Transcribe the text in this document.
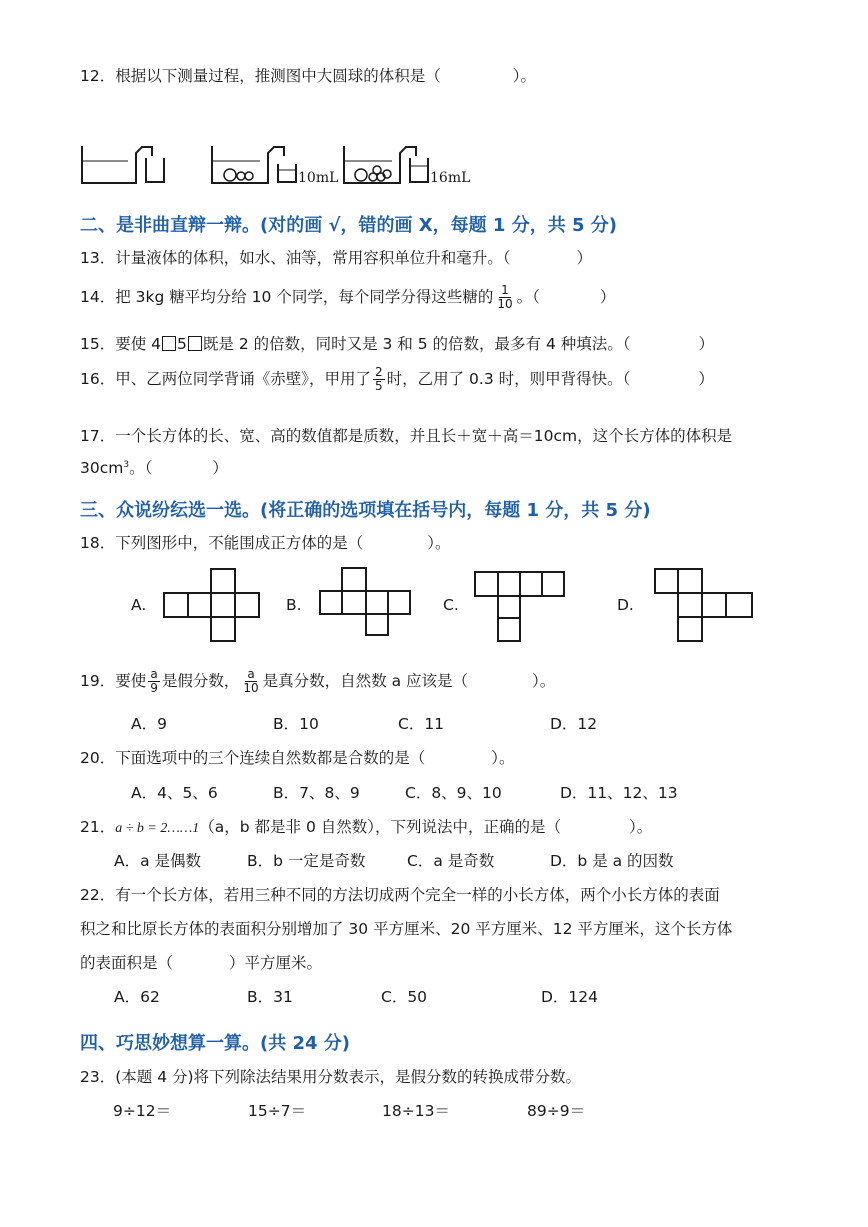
12．根据以下测量过程，推测图中大圆球的体积是（	）。
10mL	16mL
二、是非曲直辩一辩。(对的画 √，错的画 X，每题 1 分，共 5 分)
13．计量液体的体积，如水、油等，常用容积单位升和毫升。（	）
14．把 3kg 糖平均分给 10 个同学，每个同学分得这些糖的 $\frac{1}{10}$ 。（	）
15．要使 4 5 既是 2 的倍数，同时又是 3 和 5 的倍数，最多有 4 种填法。（	）
16．甲、乙两位同学背诵《赤壁》，甲用了 $\frac{2}{5}$ 时，乙用了 0.3 时，则甲背得快。（	）
17．一个长方体的长、宽、高的数值都是质数，并且长＋宽＋高＝10cm，这个长方体的体积是
$30cm^3$。（	）
三、众说纷纭选一选。(将正确的选项填在括号内，每题 1 分，共 5 分)
18．下列图形中，不能围成正方体的是（	）。
A.	B.	C.	D.
19．要使 $\frac{a}{9}$ 是假分数， $\frac{a}{10}$ 是真分数，自然数 a 应该是（	）。
A．9	B．10	C．11	D．12
20．下面选项中的三个连续自然数都是合数的是（	）。
A．4、5、6	B．7、8、9	C．8、9、10	D．11、12、13
21．a ÷ b = 2……1（a，b 都是非 0 自然数），下列说法中，正确的是（	）。
A．a 是偶数	B．b 一定是奇数	C．a 是奇数	D．b 是 a 的因数
22．有一个长方体，若用三种不同的方法切成两个完全一样的小长方体，两个小长方体的表面
积之和比原长方体的表面积分别增加了 30 平方厘米、20 平方厘米、12 平方厘米，这个长方体
的表面积是（	）平方厘米。
A．62	B．31	C．50	D．124
四、巧思妙想算一算。(共 24 分)
23．(本题 4 分)将下列除法结果用分数表示，是假分数的转换成带分数。
9÷12＝	15÷7＝	18÷13＝	89÷9＝
